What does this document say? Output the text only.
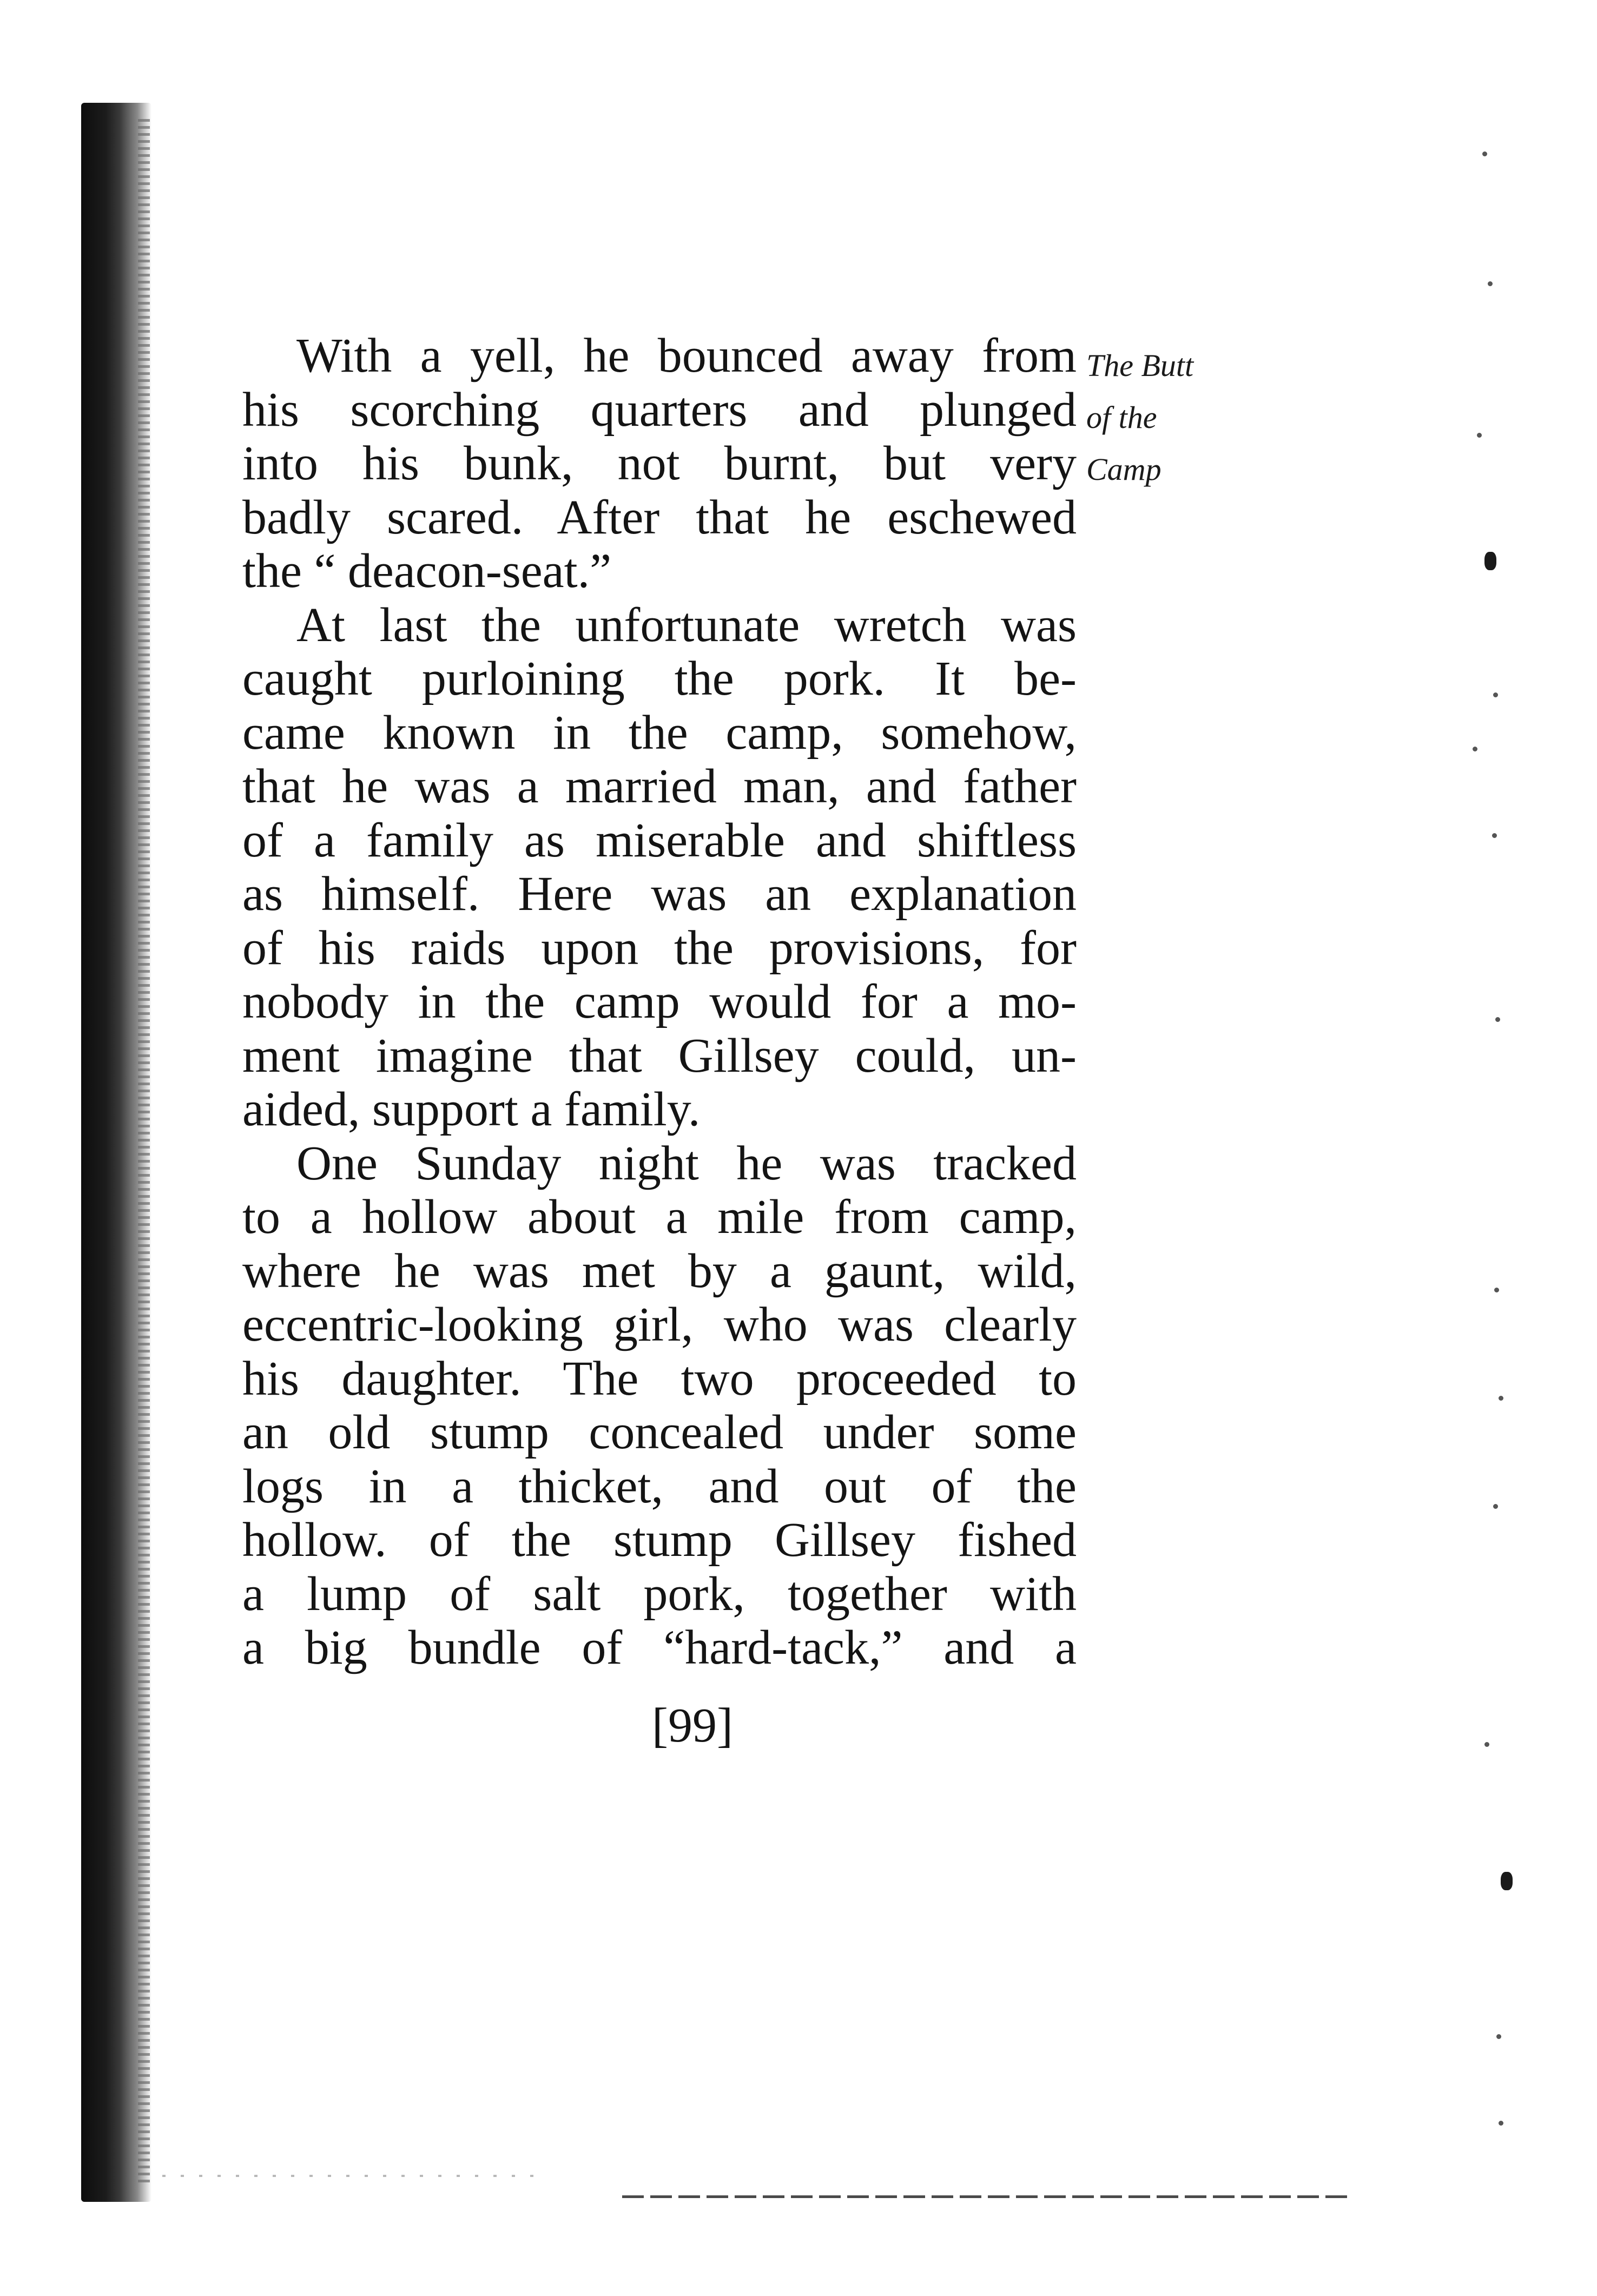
The Butt
of the
Camp
With a yell, he bounced away from
his scorching quarters and plunged
into his bunk, not burnt, but very
badly scared. After that he eschewed
the “ deacon-seat.”
At last the unfortunate wretch was
caught purloining the pork. It be-
came known in the camp, somehow,
that he was a married man, and father
of a family as miserable and shiftless
as himself. Here was an explanation
of his raids upon the provisions, for
nobody in the camp would for a mo-
ment imagine that Gillsey could, un-
aided, support a family.
One Sunday night he was tracked
to a hollow about a mile from camp,
where he was met by a gaunt, wild,
eccentric-looking girl, who was clearly
his daughter. The two proceeded to
an old stump concealed under some
logs in a thicket, and out of the
hollow. of the stump Gillsey fished
a lump of salt pork, together with
a big bundle of “hard-tack,” and a
[99]
